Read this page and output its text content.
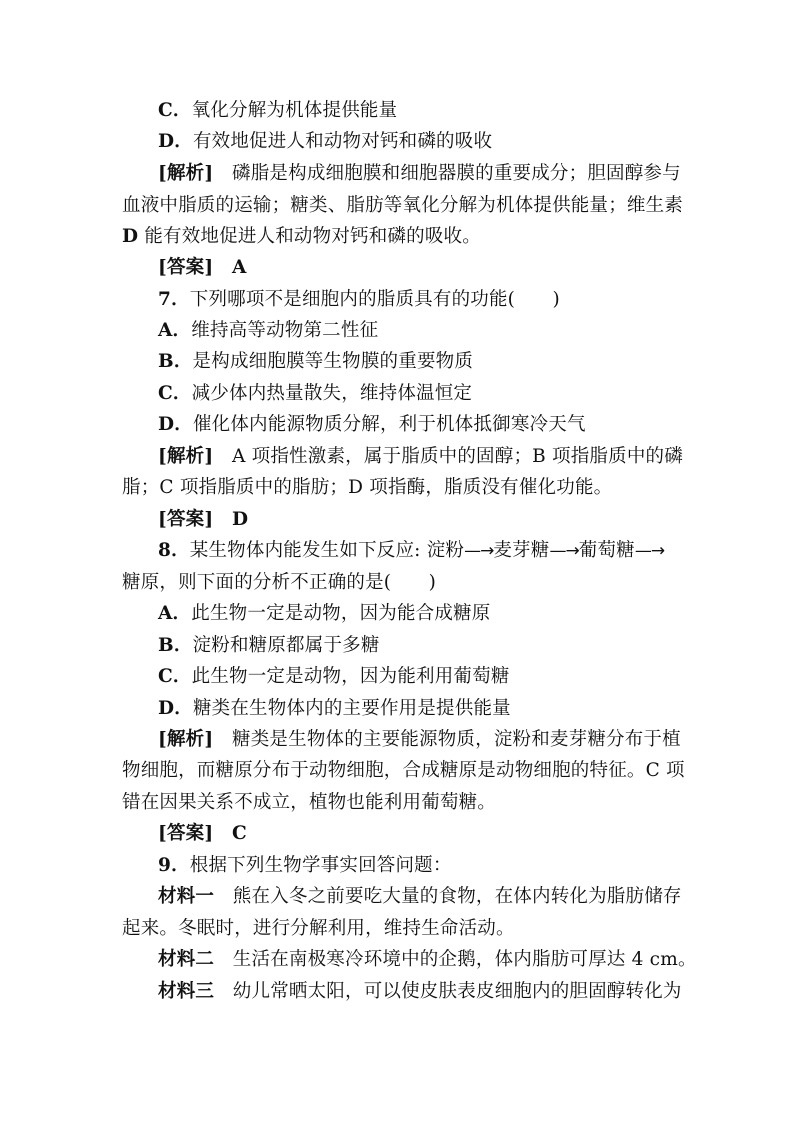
C．氧化分解为机体提供能量
D．有效地促进人和动物对钙和磷的吸收
[解析]　磷脂是构成细胞膜和细胞器膜的重要成分；胆固醇参与
血液中脂质的运输；糖类、脂肪等氧化分解为机体提供能量；维生素
D 能有效地促进人和动物对钙和磷的吸收。
[答案]　A
7．下列哪项不是细胞内的脂质具有的功能(　　)
A．维持高等动物第二性征
B．是构成细胞膜等生物膜的重要物质
C．减少体内热量散失，维持体温恒定
D．催化体内能源物质分解，利于机体抵御寒冷天气
[解析]　A 项指性激素，属于脂质中的固醇；B 项指脂质中的磷
脂；C 项指脂质中的脂肪；D 项指酶，脂质没有催化功能。
[答案]　D
8．某生物体内能发生如下反应: 淀粉—→麦芽糖—→葡萄糖—→
糖原，则下面的分析不正确的是(　　)
A．此生物一定是动物，因为能合成糖原
B．淀粉和糖原都属于多糖
C．此生物一定是动物，因为能利用葡萄糖
D．糖类在生物体内的主要作用是提供能量
[解析]　糖类是生物体的主要能源物质，淀粉和麦芽糖分布于植
物细胞，而糖原分布于动物细胞，合成糖原是动物细胞的特征。C 项
错在因果关系不成立，植物也能利用葡萄糖。
[答案]　C
9．根据下列生物学事实回答问题：
材料一　熊在入冬之前要吃大量的食物，在体内转化为脂肪储存
起来。冬眠时，进行分解利用，维持生命活动。
材料二　生活在南极寒冷环境中的企鹅，体内脂肪可厚达 4 cm。
材料三　幼儿常晒太阳，可以使皮肤表皮细胞内的胆固醇转化为
